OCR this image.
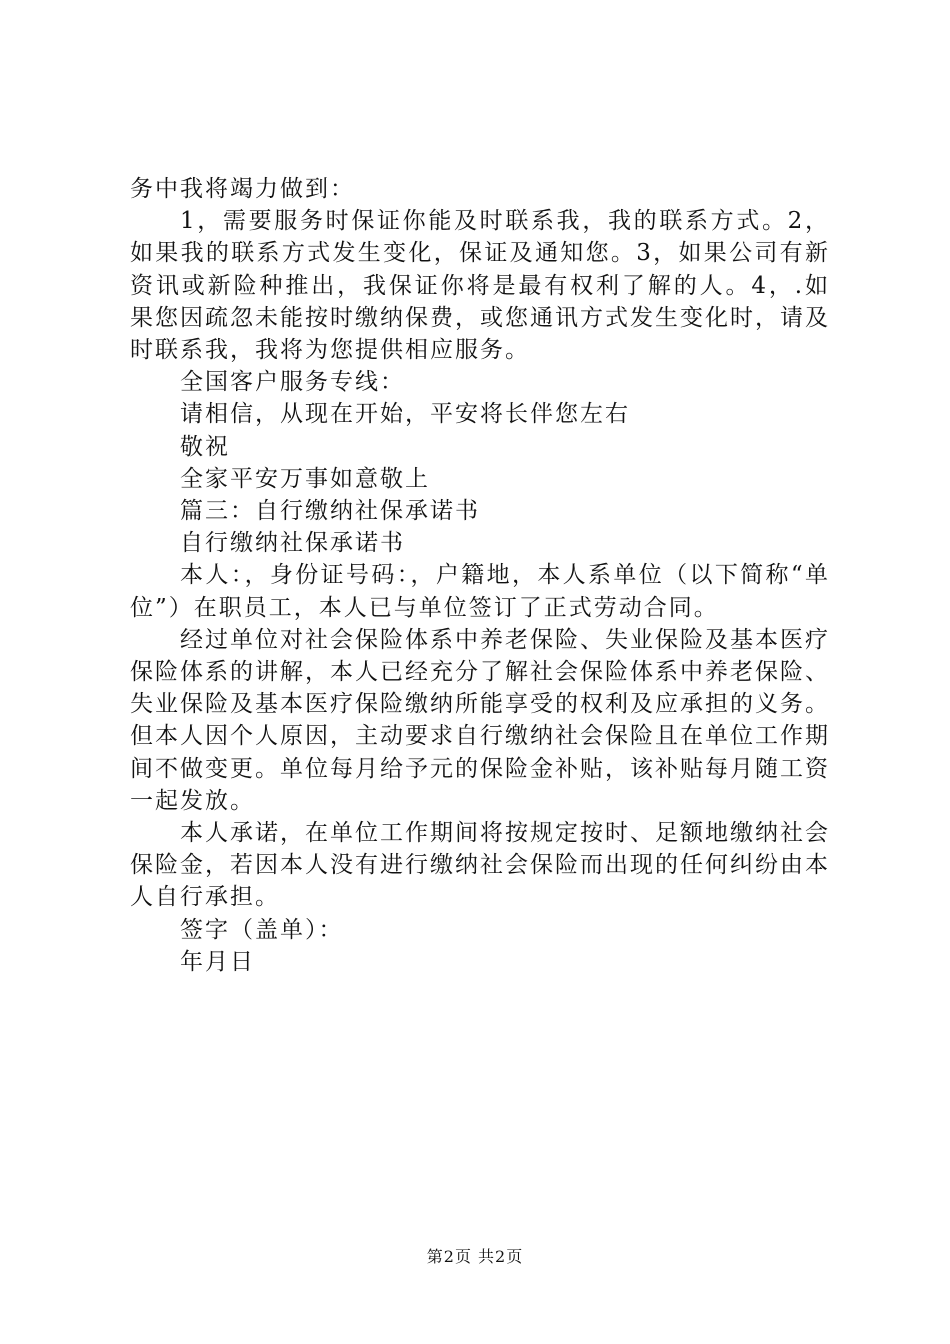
务中我将竭力做到：

1，需要服务时保证你能及时联系我，我的联系方式。2，如果我的联系方式发生变化，保证及通知您。3，如果公司有新资讯或新险种推出，我保证你将是最有权利了解的人。4，.如果您因疏忽未能按时缴纳保费，或您通讯方式发生变化时，请及时联系我，我将为您提供相应服务。

全国客户服务专线：

请相信，从现在开始，平安将长伴您左右

敬祝

全家平安万事如意敬上

篇三：自行缴纳社保承诺书

自行缴纳社保承诺书

本人：，身份证号码：，户籍地，本人系单位（以下简称“单位”）在职员工，本人已与单位签订了正式劳动合同。

经过单位对社会保险体系中养老保险、失业保险及基本医疗保险体系的讲解，本人已经充分了解社会保险体系中养老保险、失业保险及基本医疗保险缴纳所能享受的权利及应承担的义务。但本人因个人原因，主动要求自行缴纳社会保险且在单位工作期间不做变更。单位每月给予元的保险金补贴，该补贴每月随工资一起发放。

本人承诺，在单位工作期间将按规定按时、足额地缴纳社会保险金，若因本人没有进行缴纳社会保险而出现的任何纠纷由本人自行承担。

签字（盖单）：

年月日

第2页 共2页
